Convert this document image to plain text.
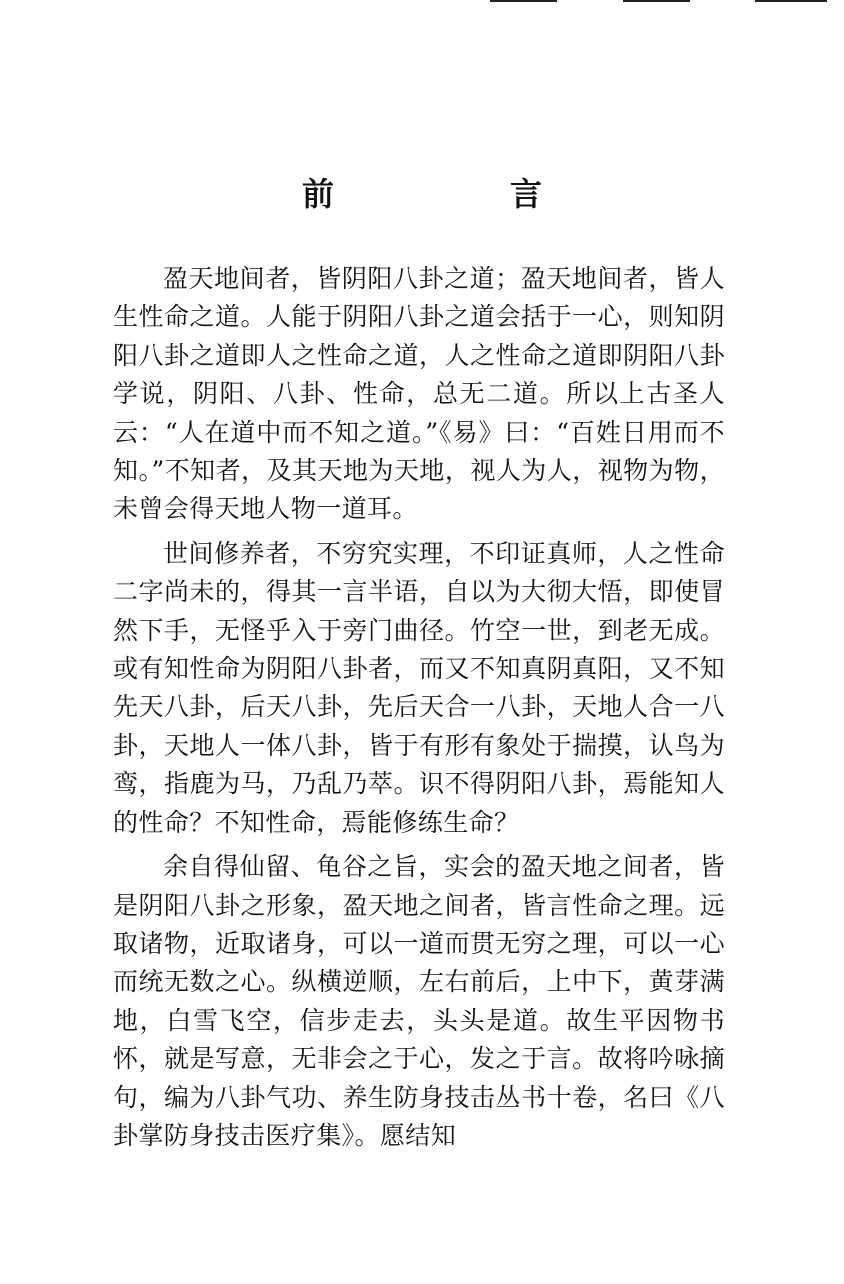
前　言

盈天地间者，皆阴阳八卦之道；盈天地间者，皆人生性命之道。人能于阴阳八卦之道会括于一心，则知阴阳八卦之道即人之性命之道，人之性命之道即阴阳八卦学说，阴阳、八卦、性命，总无二道。所以上古圣人云：“人在道中而不知之道。”《易》曰：“百姓日用而不知。”不知者，及其天地为天地，视人为人，视物为物，未曾会得天地人物一道耳。

世间修养者，不穷究实理，不印证真师，人之性命二字尚未的，得其一言半语，自以为大彻大悟，即使冒然下手，无怪乎入于旁门曲径。竹空一世，到老无成。或有知性命为阴阳八卦者，而又不知真阴真阳，又不知先天八卦，后天八卦，先后天合一八卦，天地人合一八卦，天地人一体八卦，皆于有形有象处于揣摸，认鸟为鸾，指鹿为马，乃乱乃萃。识不得阴阳八卦，焉能知人的性命？不知性命，焉能修练生命？

余自得仙留、龟谷之旨，实会的盈天地之间者，皆是阴阳八卦之形象，盈天地之间者，皆言性命之理。远取诸物，近取诸身，可以一道而贯无穷之理，可以一心而统无数之心。纵横逆顺，左右前后，上中下，黄芽满地，白雪飞空，信步走去，头头是道。故生平因物书怀，就是写意，无非会之于心，发之于言。故将吟咏摘句，编为八卦气功、养生防身技击丛书十卷，名曰《八卦掌防身技击医疗集》。愿结知
